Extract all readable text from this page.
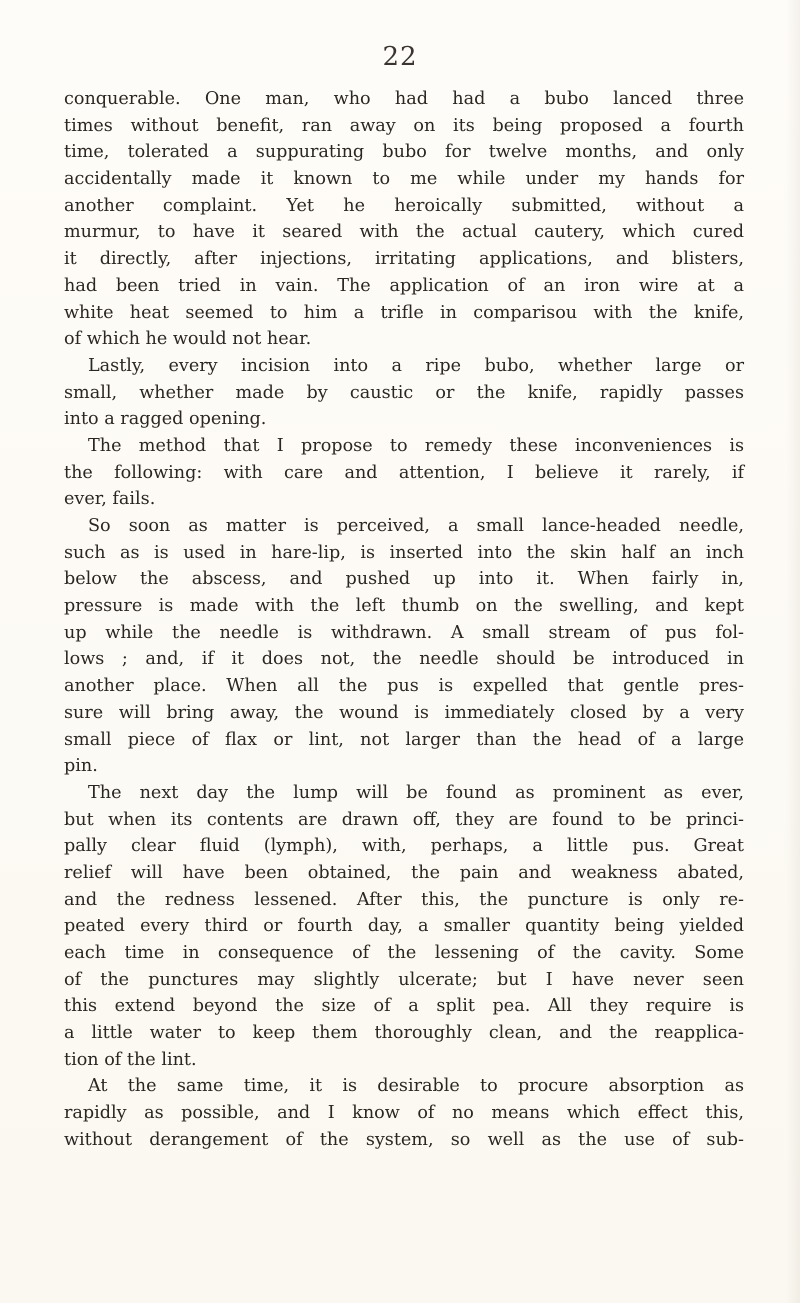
22
conquerable. One man, who had had a bubo lanced three
times without benefit, ran away on its being proposed a fourth
time, tolerated a suppurating bubo for twelve months, and only
accidentally made it known to me while under my hands for
another complaint. Yet he heroically submitted, without a
murmur, to have it seared with the actual cautery, which cured
it directly, after injections, irritating applications, and blisters,
had been tried in vain. The application of an iron wire at a
white heat seemed to him a trifle in comparisou with the knife,
of which he would not hear.
Lastly, every incision into a ripe bubo, whether large or
small, whether made by caustic or the knife, rapidly passes
into a ragged opening.
The method that I propose to remedy these inconveniences is
the following: with care and attention, I believe it rarely, if
ever, fails.
So soon as matter is perceived, a small lance-headed needle,
such as is used in hare-lip, is inserted into the skin half an inch
below the abscess, and pushed up into it. When fairly in,
pressure is made with the left thumb on the swelling, and kept
up while the needle is withdrawn. A small stream of pus fol-
lows ; and, if it does not, the needle should be introduced in
another place. When all the pus is expelled that gentle pres-
sure will bring away, the wound is immediately closed by a very
small piece of flax or lint, not larger than the head of a large
pin.
The next day the lump will be found as prominent as ever,
but when its contents are drawn off, they are found to be princi-
pally clear fluid (lymph), with, perhaps, a little pus. Great
relief will have been obtained, the pain and weakness abated,
and the redness lessened. After this, the puncture is only re-
peated every third or fourth day, a smaller quantity being yielded
each time in consequence of the lessening of the cavity. Some
of the punctures may slightly ulcerate; but I have never seen
this extend beyond the size of a split pea. All they require is
a little water to keep them thoroughly clean, and the reapplica-
tion of the lint.
At the same time, it is desirable to procure absorption as
rapidly as possible, and I know of no means which effect this,
without derangement of the system, so well as the use of sub-
